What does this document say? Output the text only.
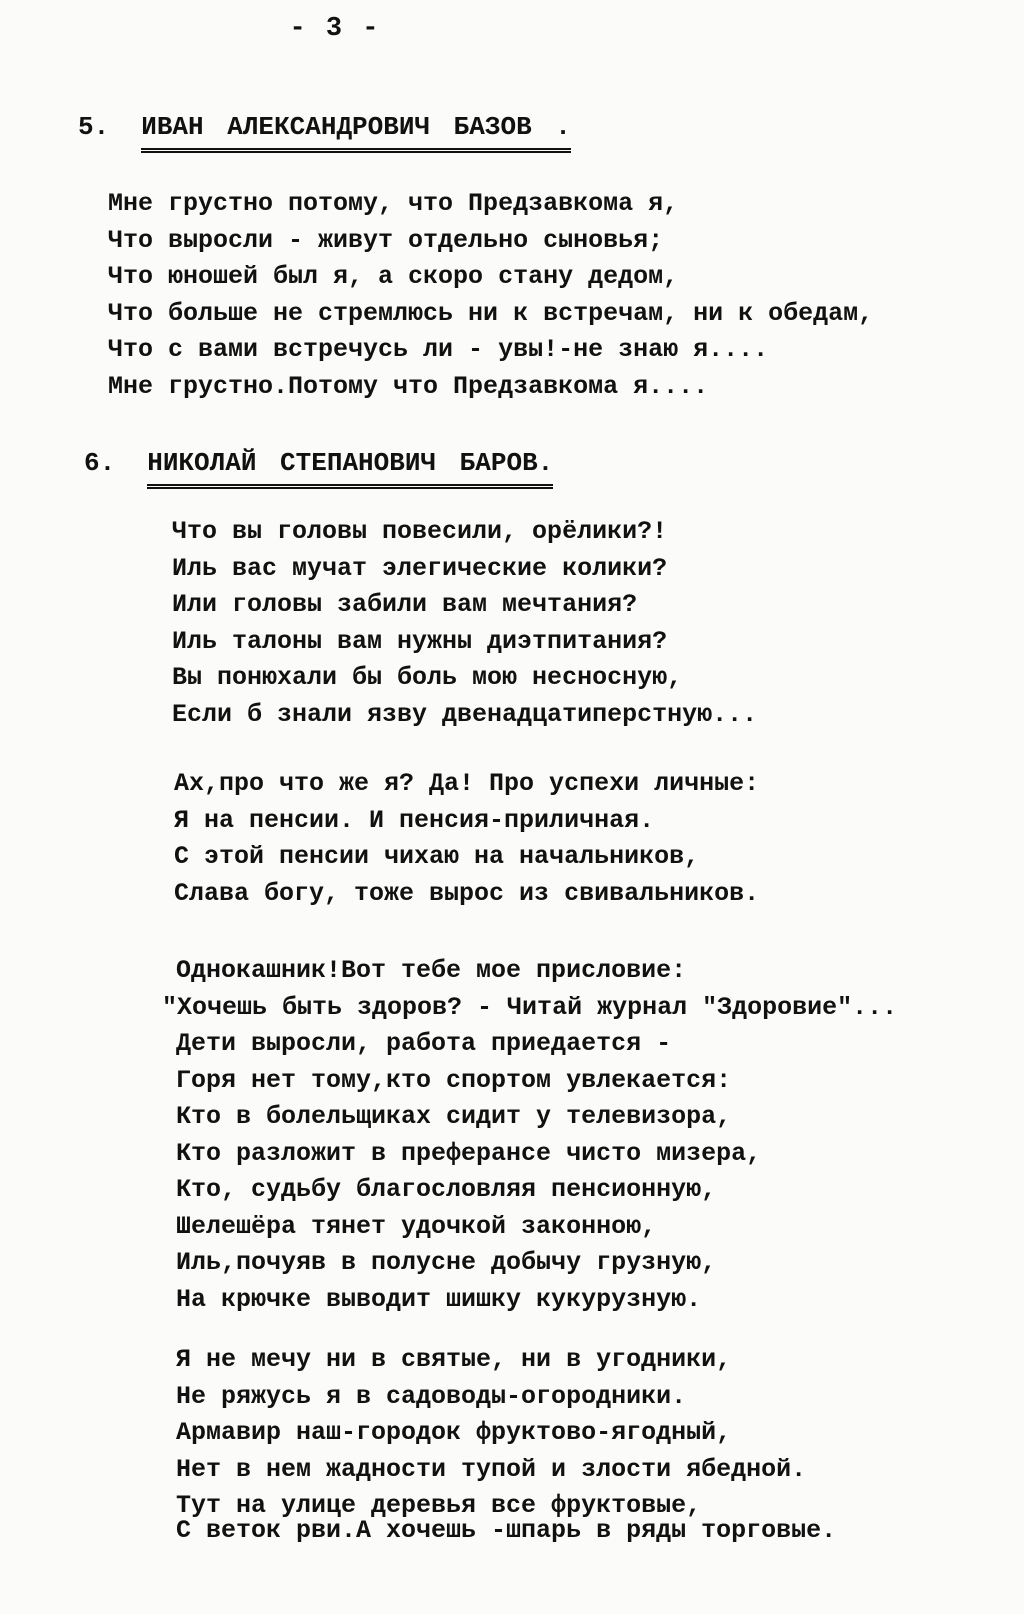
- 3 -
5. ИВАН АЛЕКСАНДРОВИЧ БАЗОВ .
Мне грустно потому, что Предзавкома я,
Что выросли - живут отдельно сыновья;
Что юношей был я, а скоро стану дедом,
Что больше не стремлюсь ни к встречам, ни к обедам,
Что с вами встречусь ли - увы!-не знаю я....
Мне грустно.Потому что Предзавкома я....
6. НИКОЛАЙ СТЕПАНОВИЧ БАРОВ.
Что вы головы повесили, орёлики?!
Иль вас мучат элегические колики?
Или головы забили вам мечтания?
Иль талоны вам нужны диэтпитания?
Вы понюхали бы боль мою несносную,
Если б знали язву двенадцатиперстную...
Ах,про что же я? Да! Про успехи личные:
Я на пенсии. И пенсия-приличная.
С этой пенсии чихаю на начальников,
Слава богу, тоже вырос из свивальников.
Однокашник!Вот тебе мое присловие:
"Хочешь быть здоров? - Читай журнал "Здоровие"...
Дети выросли, работа приедается -
Горя нет тому,кто спортом увлекается:
Кто в болельщиках сидит у телевизора,
Кто разложит в преферансе чисто мизера,
Кто, судьбу благословляя пенсионную,
Шелешёра тянет удочкой законною,
Иль,почуяв в полусне добычу грузную,
На крючке выводит шишку кукурузную.
Я не мечу ни в святые, ни в угодники,
Не ряжусь я в садоводы-огородники.
Армавир наш-городок фруктово-ягодный,
Нет в нем жадности тупой и злости ябедной.
Тут на улице деревья все фруктовые,
С веток рви.А хочешь -шпарь в ряды торговые.
